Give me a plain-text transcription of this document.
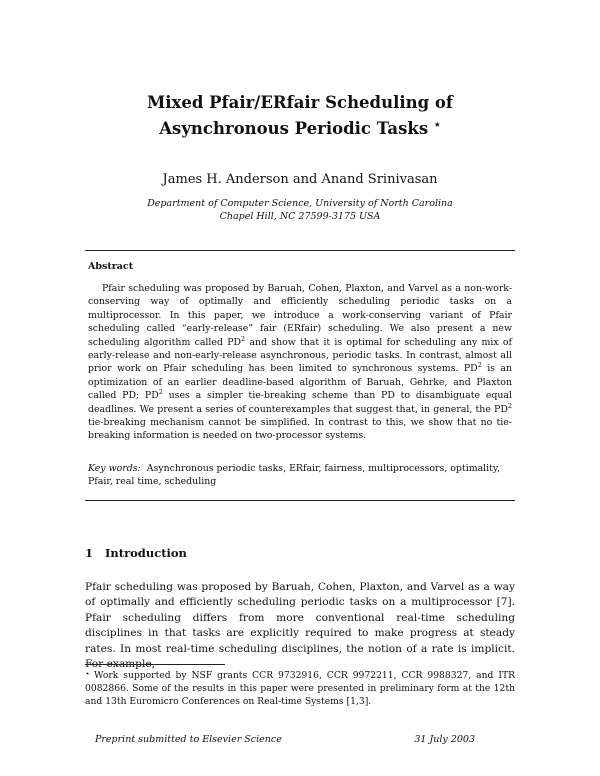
Mixed Pfair/ERfair Scheduling of
Asynchronous Periodic Tasks ⋆
James H. Anderson and Anand Srinivasan
Department of Computer Science, University of North Carolina
Chapel Hill, NC 27599-3175 USA
Abstract

Pfair scheduling was proposed by Baruah, Cohen, Plaxton, and Varvel as a non-work-conserving way of optimally and efficiently scheduling periodic tasks on a multiprocessor. In this paper, we introduce a work-conserving variant of Pfair scheduling called “early-release” fair (ERfair) scheduling. We also present a new scheduling algorithm called $PD^2$ and show that it is optimal for scheduling any mix of early-release and non-early-release asynchronous, periodic tasks. In contrast, almost all prior work on Pfair scheduling has been limited to synchronous systems. $PD^2$ is an optimization of an earlier deadline-based algorithm of Baruah, Gehrke, and Plaxton called PD; $PD^2$ uses a simpler tie-breaking scheme than PD to disambiguate equal deadlines. We present a series of counterexamples that suggest that, in general, the $PD^2$ tie-breaking mechanism cannot be simplified. In contrast to this, we show that no tie-breaking information is needed on two-processor systems.

Key words: Asynchronous periodic tasks, ERfair, fairness, multiprocessors, optimality, Pfair, real time, scheduling
1 Introduction

Pfair scheduling was proposed by Baruah, Cohen, Plaxton, and Varvel as a way of optimally and efficiently scheduling periodic tasks on a multiprocessor [7]. Pfair scheduling differs from more conventional real-time scheduling disciplines in that tasks are explicitly required to make progress at steady rates. In most real-time scheduling disciplines, the notion of a rate is implicit. For example,

⋆ Work supported by NSF grants CCR 9732916, CCR 9972211, CCR 9988327, and ITR 0082866. Some of the results in this paper were presented in preliminary form at the 12th and 13th Euromicro Conferences on Real-time Systems [1,3].

Preprint submitted to Elsevier Science	31 July 2003
